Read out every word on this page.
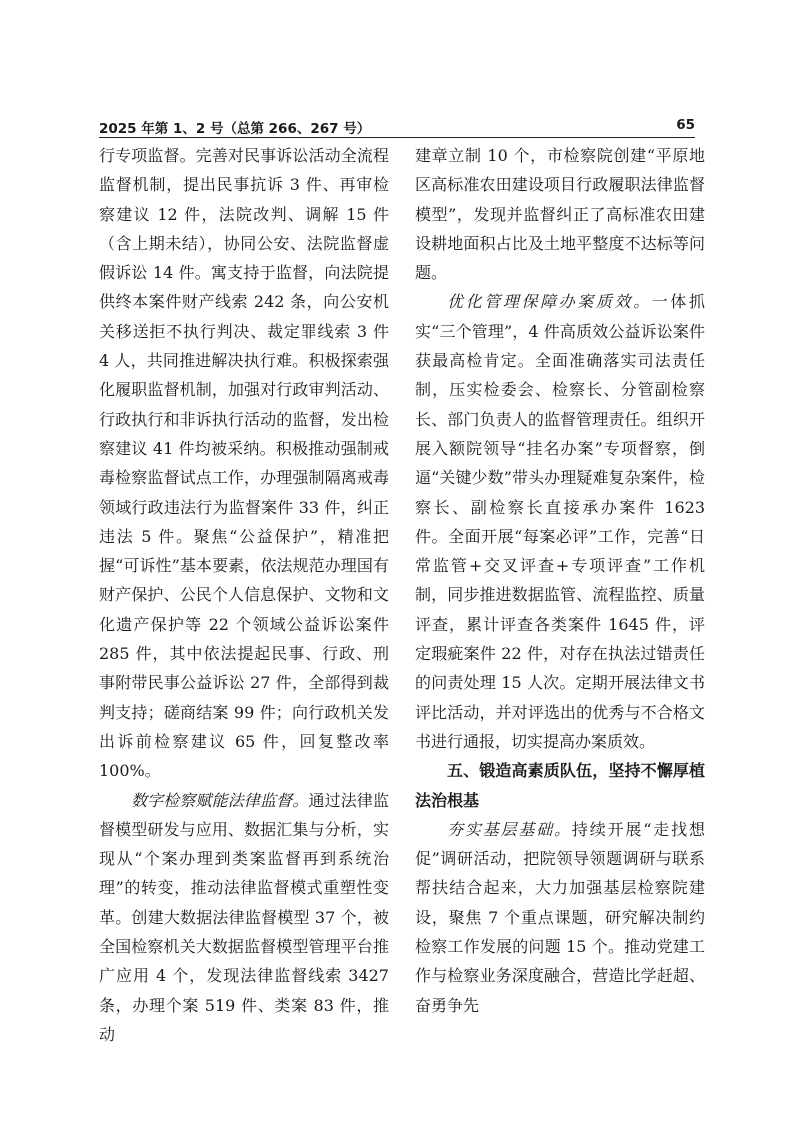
2025 年第 1、2 号（总第 266、267 号）	65

行专项监督。完善对民事诉讼活动全流程监督机制，提出民事抗诉 3 件、再审检察建议 12 件，法院改判、调解 15 件（含上期未结），协同公安、法院监督虚假诉讼 14 件。寓支持于监督，向法院提供终本案件财产线索 242 条，向公安机关移送拒不执行判决、裁定罪线索 3 件 4 人，共同推进解决执行难。积极探索强化履职监督机制，加强对行政审判活动、行政执行和非诉执行活动的监督，发出检察建议 41 件均被采纳。积极推动强制戒毒检察监督试点工作，办理强制隔离戒毒领域行政违法行为监督案件 33 件，纠正违法 5 件。聚焦“公益保护”，精准把握“可诉性”基本要素，依法规范办理国有财产保护、公民个人信息保护、文物和文化遗产保护等 22 个领域公益诉讼案件 285 件，其中依法提起民事、行政、刑事附带民事公益诉讼 27 件，全部得到裁判支持；磋商结案 99 件；向行政机关发出诉前检察建议 65 件，回复整改率 100%。

数字检察赋能法律监督。通过法律监督模型研发与应用、数据汇集与分析，实现从“个案办理到类案监督再到系统治理”的转变，推动法律监督模式重塑性变革。创建大数据法律监督模型 37 个，被全国检察机关大数据监督模型管理平台推广应用 4 个，发现法律监督线索 3427 条，办理个案 519 件、类案 83 件，推动

建章立制 10 个，市检察院创建“平原地区高标准农田建设项目行政履职法律监督模型”，发现并监督纠正了高标准农田建设耕地面积占比及土地平整度不达标等问题。

优化管理保障办案质效。一体抓实“三个管理”，4 件高质效公益诉讼案件获最高检肯定。全面准确落实司法责任制，压实检委会、检察长、分管副检察长、部门负责人的监督管理责任。组织开展入额院领导“挂名办案”专项督察，倒逼“关键少数”带头办理疑难复杂案件，检察长、副检察长直接承办案件 1623 件。全面开展“每案必评”工作，完善“日常监管+交叉评查+专项评查”工作机制，同步推进数据监管、流程监控、质量评查，累计评查各类案件 1645 件，评定瑕疵案件 22 件，对存在执法过错责任的问责处理 15 人次。定期开展法律文书评比活动，并对评选出的优秀与不合格文书进行通报，切实提高办案质效。

五、锻造高素质队伍，坚持不懈厚植法治根基

夯实基层基础。持续开展“走找想促”调研活动，把院领导领题调研与联系帮扶结合起来，大力加强基层检察院建设，聚焦 7 个重点课题，研究解决制约检察工作发展的问题 15 个。推动党建工作与检察业务深度融合，营造比学赶超、奋勇争先
